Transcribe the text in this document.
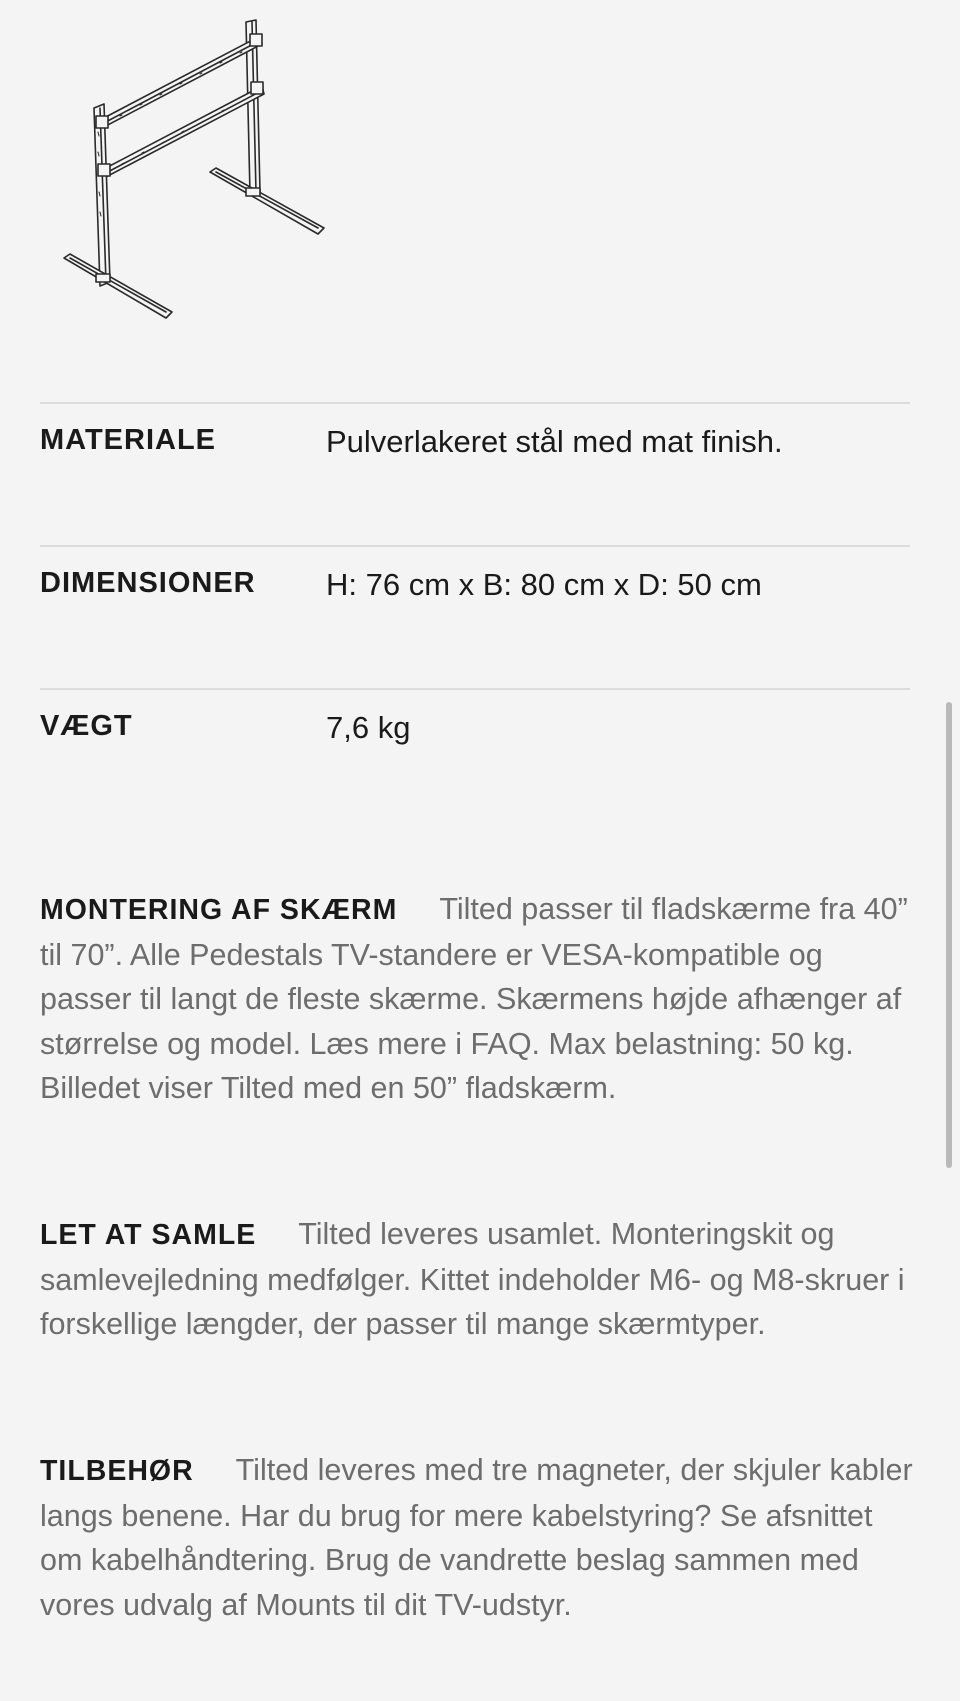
MATERIALE	Pulverlakeret stål med mat finish.
DIMENSIONER H: 76 cm x B: 80 cm x D: 50 cm
VÆGT	7,6 kg

MONTERING AF SKÆRM Tilted passer til fladskærme fra 40” til 70”. Alle Pedestals TV-standere er VESA-kompatible og passer til langt de fleste skærme. Skærmens højde afhænger af størrelse og model. Læs mere i FAQ. Max belastning: 50 kg. Billedet viser Tilted med en 50” fladskærm.

LET AT SAMLE Tilted leveres usamlet. Monteringskit og samlevejledning medfølger. Kittet indeholder M6- og M8-skruer i forskellige længder, der passer til mange skærmtyper.

TILBEHØR Tilted leveres med tre magneter, der skjuler kabler langs benene. Har du brug for mere kabelstyring? Se afsnittet om kabelhåndtering. Brug de vandrette beslag sammen med vores udvalg af Mounts til dit TV-udstyr.
